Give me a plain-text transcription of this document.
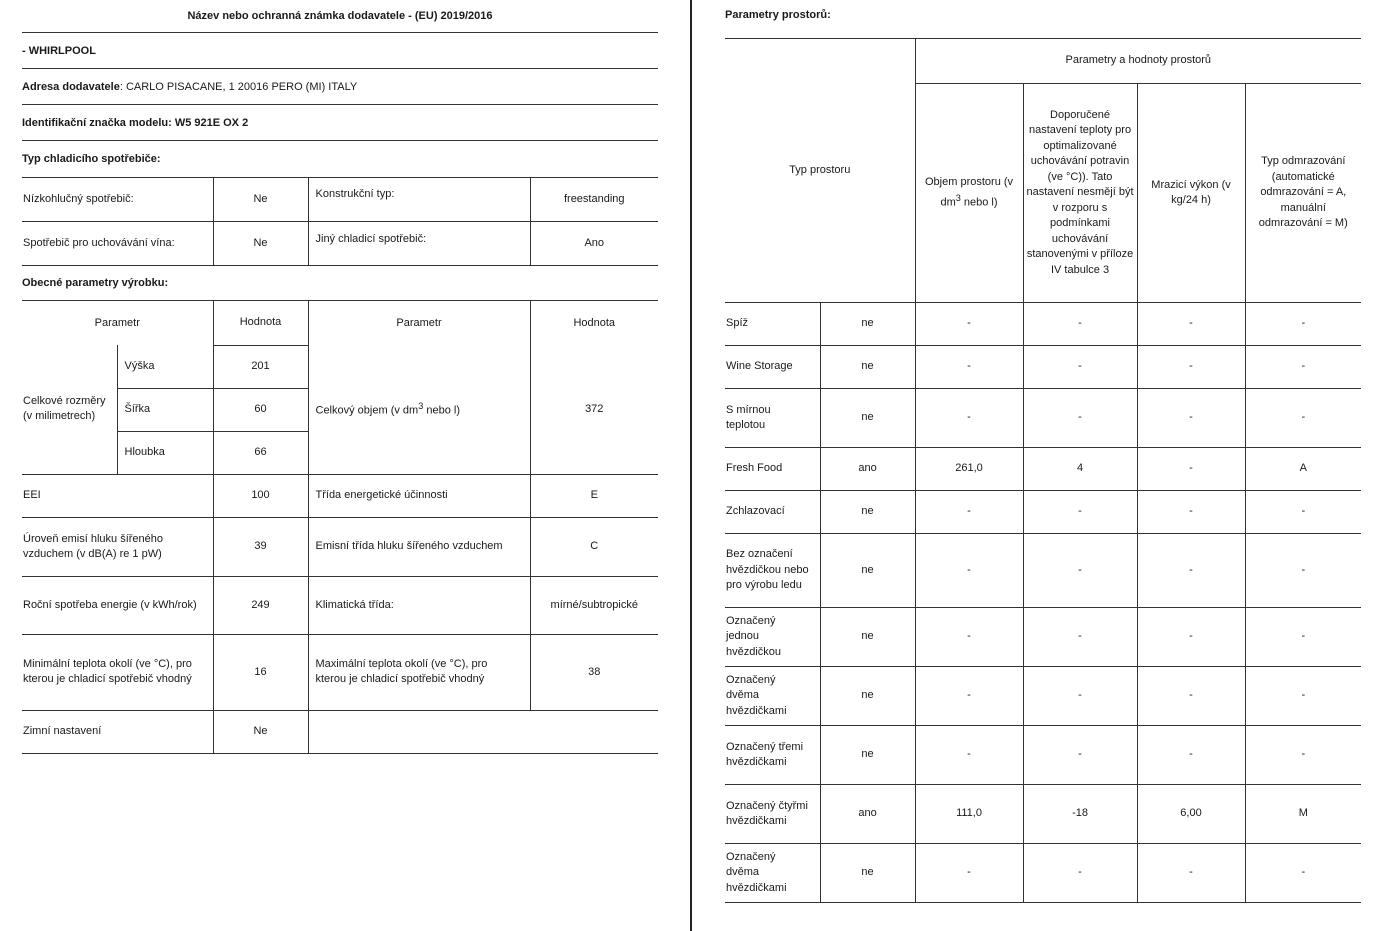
Název nebo ochranná známka dodavatele - (EU) 2019/2016
- WHIRLPOOL
Adresa dodavatele : CARLO PISACANE, 1 20016 PERO (MI) ITALY
Identifikační značka modelu:
W5 921E OX 2
Typ chladicího spotřebiče:
Nízkohlučný spotřebič:	Ne	Konstrukční typ:	freestanding
Spotřebič pro uchovávání vína:	Ne	Jiný chladicí spotřebič:	Ano
Obecné parametry výrobku:
Parametr		Hodnota	Parametr	Hodnota
Celkové rozměry (v milimetrech)	Výška	201	Celkový objem (v $dm^3$ nebo l)	372
	Šířka	60		
	Hloubka	66		
EEI		100	Třída energetické účinnosti	E
Úroveň emisí hluku šířeného vzduchem (v dB(A) re 1 pW)		39	Emisní třída hluku šířeného vzduchem	C
Roční spotřeba energie (v kWh/rok)		249	Klimatická třída:	mírné/subtropické
Minimální teplota okolí (ve °C), pro kterou je chladicí spotřebič vhodný		16	Maximální teplota okolí (ve °C), pro kterou je chladicí spotřebič vhodný	38
Zimní nastavení		Ne		
Parametry prostorů:
Typ prostoru		Parametry a hodnoty prostorů			
		Objem prostoru (v $dm^3$ nebo l)	Doporučené nastavení teploty pro optimalizované uchovávání potravin (ve °C)). Tato nastavení nesmějí být v rozporu s podmínkami uchovávání stanovenými v příloze IV tabulce 3	Mrazicí výkon (v kg/24 h)	Typ odmrazování (automatické odmrazování = A, manuální odmrazování = M)
Spíž	ne	-	-	-	-
Wine Storage	ne	-	-	-	-
S mírnou teplotou	ne	-	-	-	-
Fresh Food	ano	261,0	4	-	A
Zchlazovací	ne	-	-	-	-
Bez označení hvězdičkou nebo pro výrobu ledu	ne	-	-	-	-
Označený jednou hvězdičkou	ne	-	-	-	-
Označený dvěma hvězdičkami	ne	-	-	-	-
Označený třemi hvězdičkami	ne	-	-	-	-
Označený čtyřmi hvězdičkami	ano	111,0	-18	6,00	M
Označený dvěma hvězdičkami	ne	-	-	-	-
